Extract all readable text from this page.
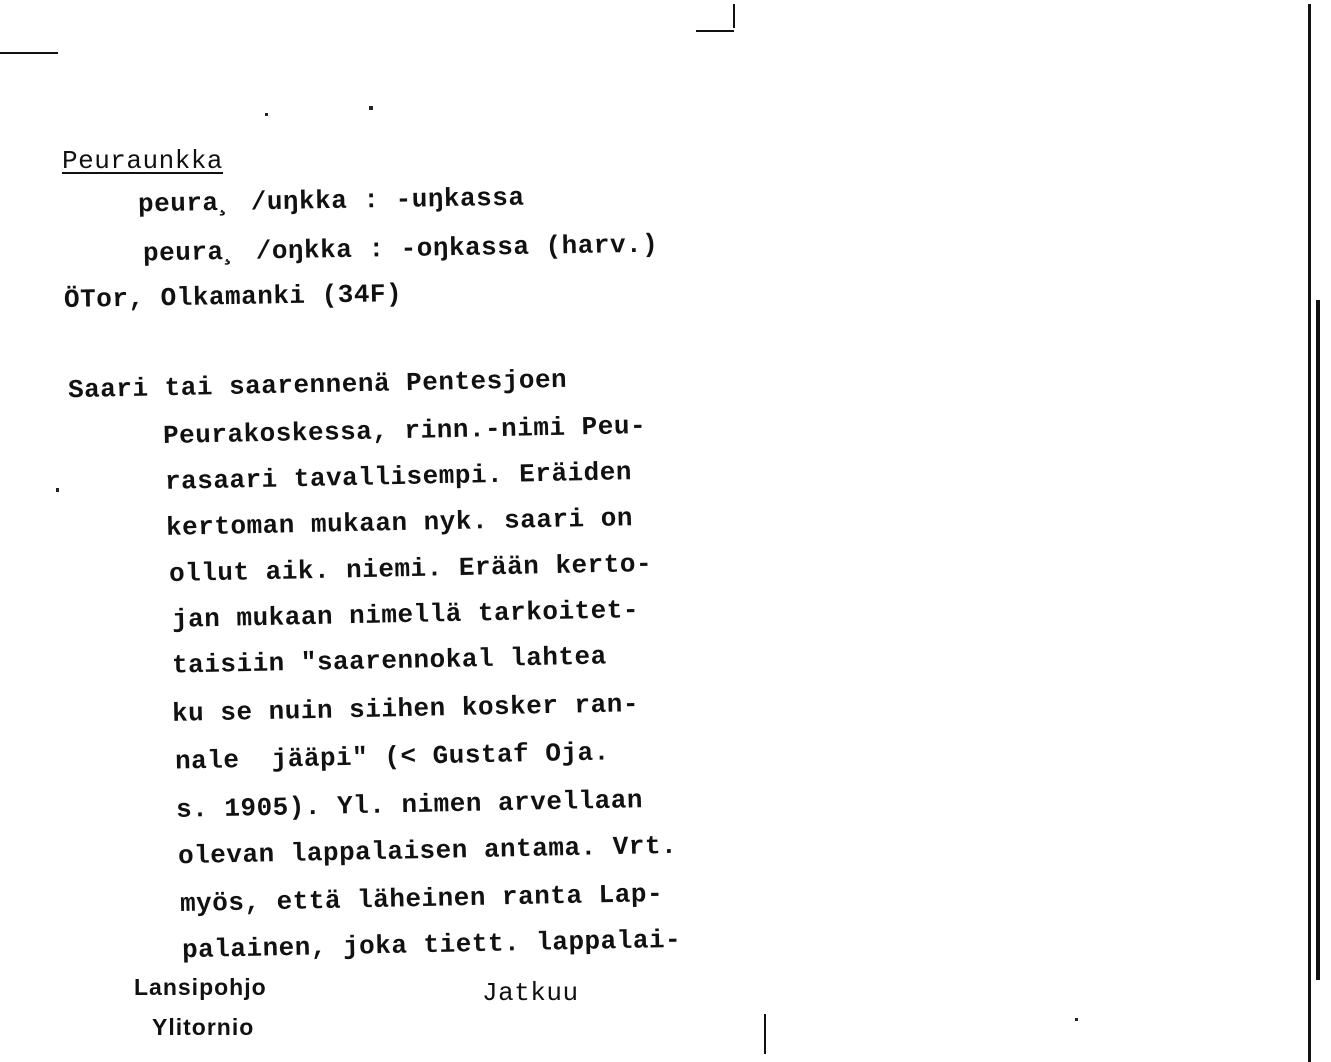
Peuraunkka
peura¸ /uŋkka : -uŋkassa
peura¸ /oŋkka : -oŋkassa (harv.)
ÖTor, Olkamanki (34F)
Saari tai saarennenä Pentesjoen
Peurakoskessa, rinn.-nimi Peu-
rasaari tavallisempi. Eräiden
kertoman mukaan nyk. saari on
ollut aik. niemi. Erään kerto-
jan mukaan nimellä tarkoitet-
taisiin "saarennokal lahtea
ku se nuin siihen kosker ran-
nale  jääpi" (< Gustaf Oja.
s. 1905). Yl. nimen arvellaan
olevan lappalaisen antama. Vrt.
myös, että läheinen ranta Lap-
palainen, joka tiett. lappalai-
Jatkuu
Lansipohjo
Ylitornio
